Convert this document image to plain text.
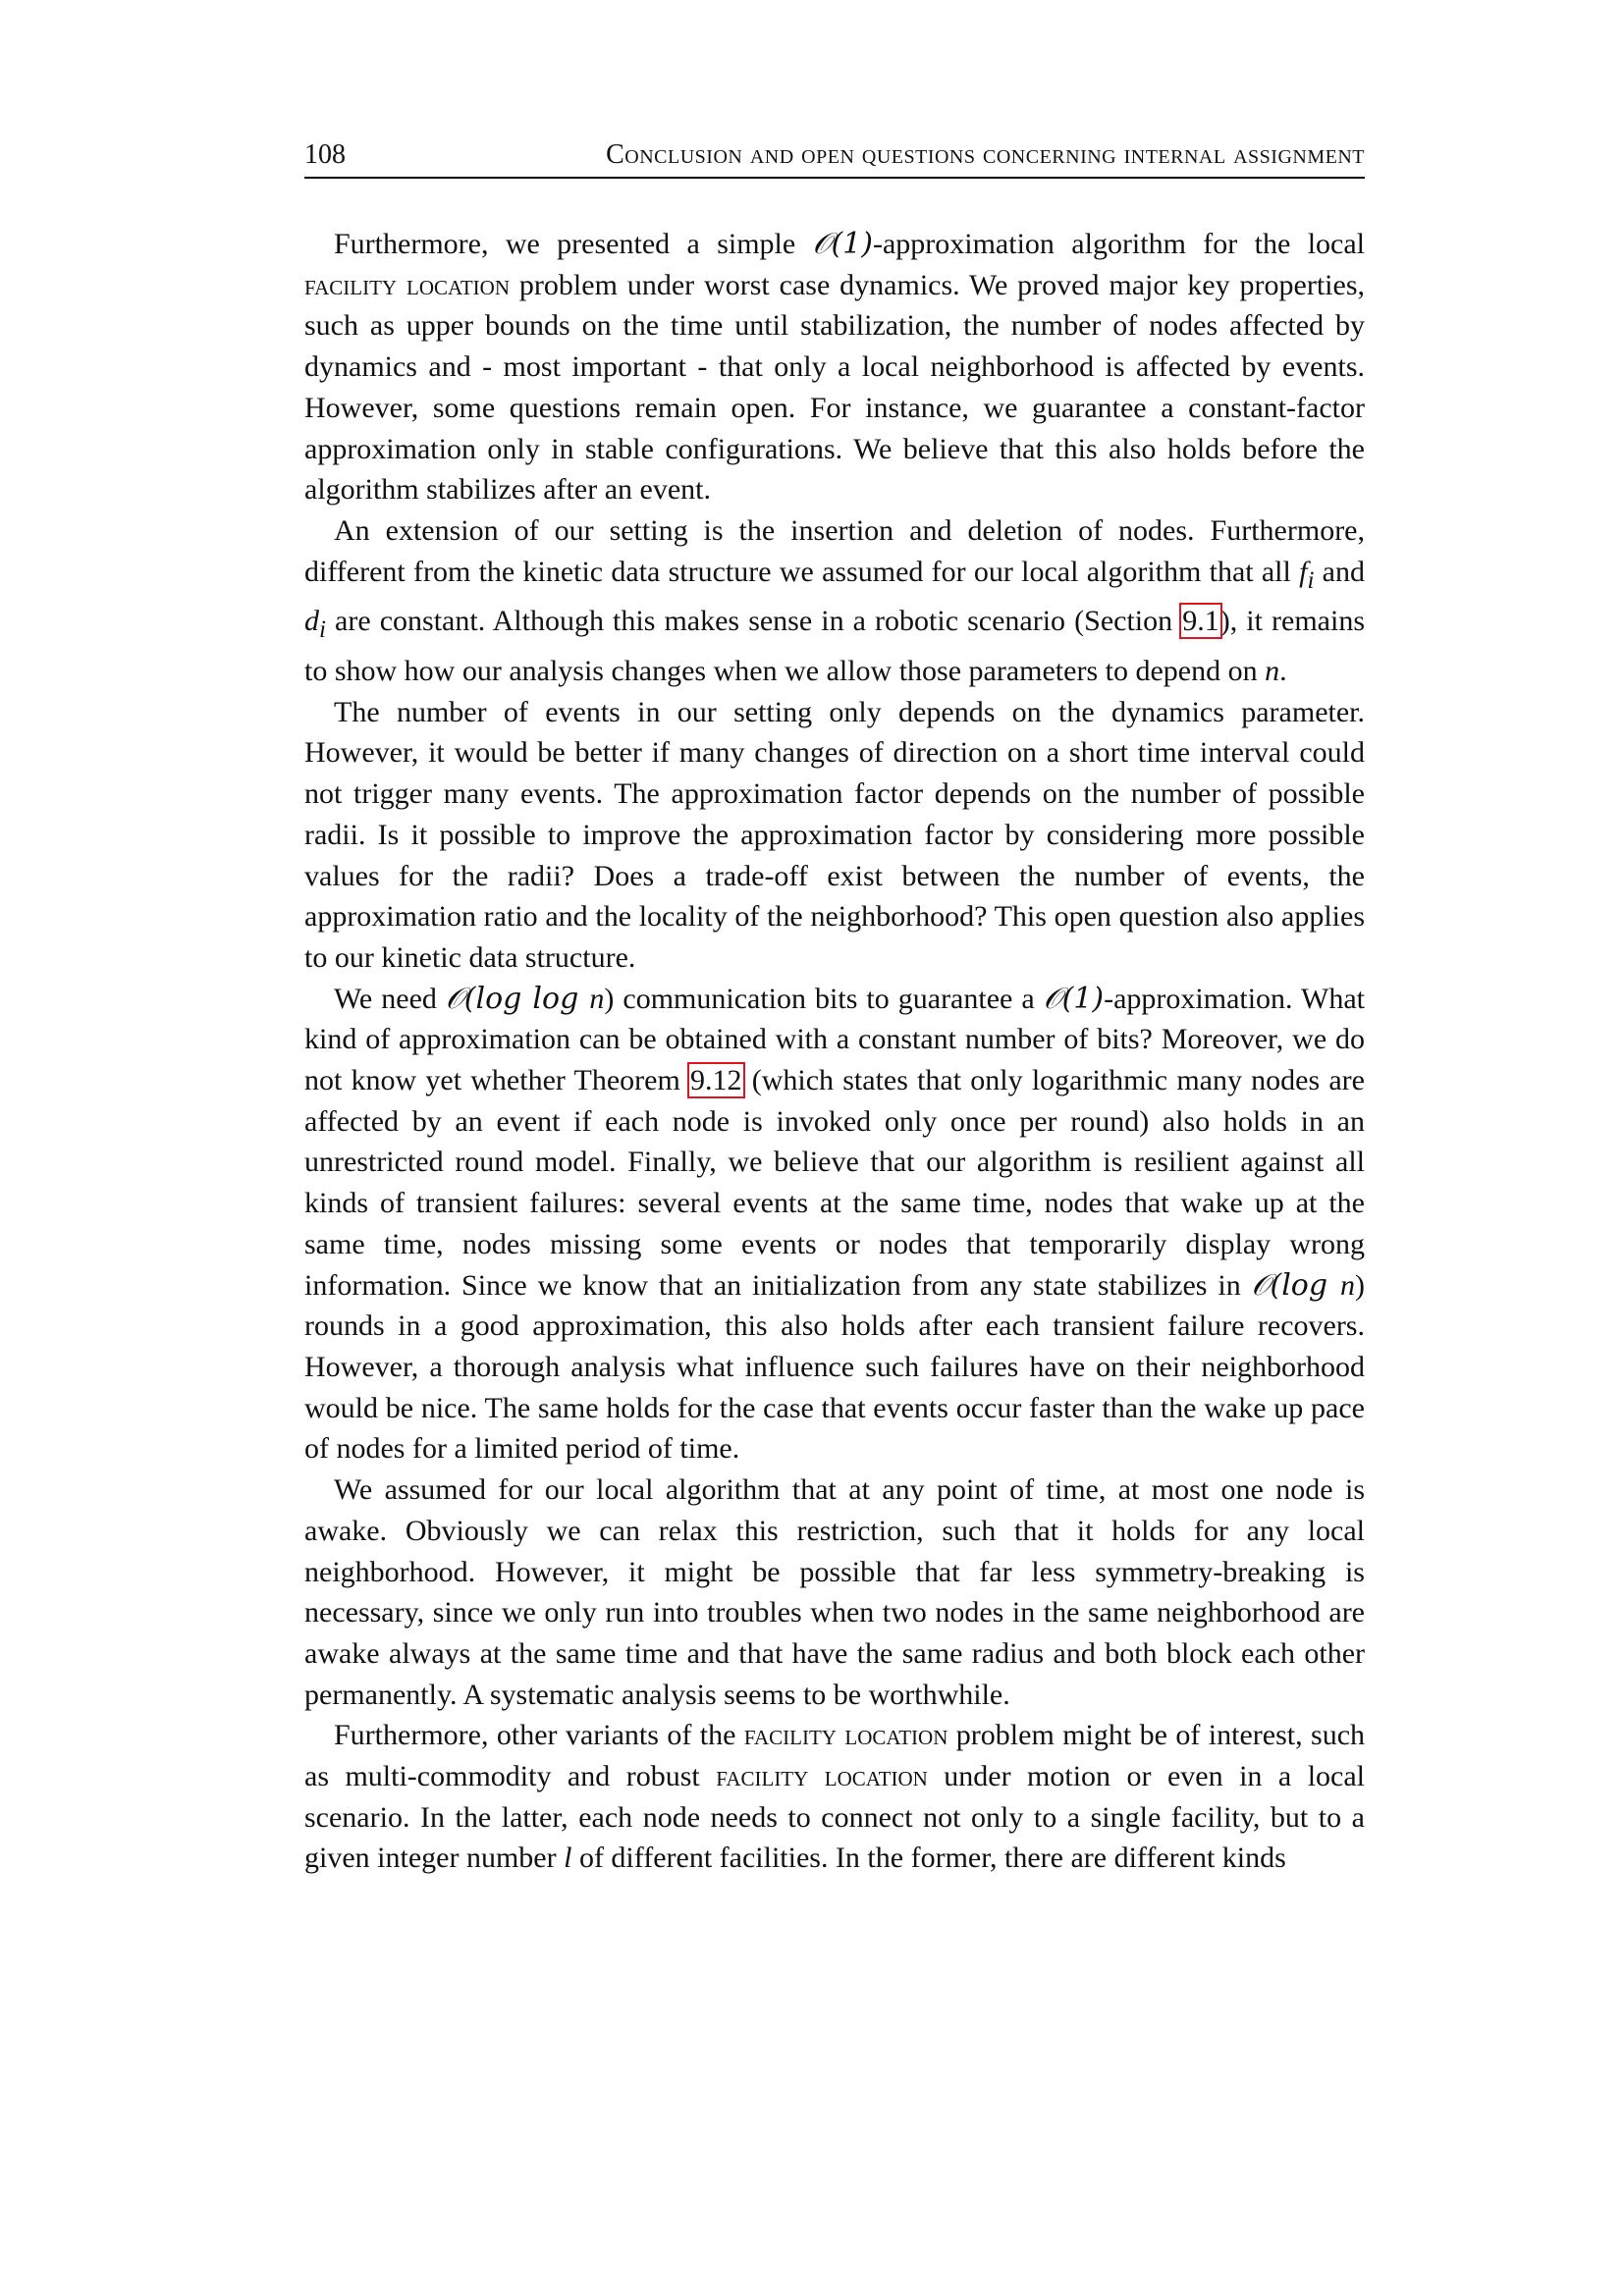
108	Conclusion and open questions concerning internal assignment

Furthermore, we presented a simple 𝒪(1)-approximation algorithm for the local facility location problem under worst case dynamics. We proved major key properties, such as upper bounds on the time until stabilization, the number of nodes affected by dynamics and - most important - that only a local neighborhood is affected by events. However, some questions remain open. For instance, we guarantee a constant-factor approximation only in stable configurations. We believe that this also holds before the algorithm stabilizes after an event.

An extension of our setting is the insertion and deletion of nodes. Furthermore, different from the kinetic data structure we assumed for our local algorithm that all $f_i$ and $d_i$ are constant. Although this makes sense in a robotic scenario (Section 9.1), it remains to show how our analysis changes when we allow those parameters to depend on n.

The number of events in our setting only depends on the dynamics parameter. However, it would be better if many changes of direction on a short time interval could not trigger many events. The approximation factor depends on the number of possible radii. Is it possible to improve the approximation factor by considering more possible values for the radii? Does a trade-off exist between the number of events, the approximation ratio and the locality of the neighborhood? This open question also applies to our kinetic data structure.

We need 𝒪(log log n) communication bits to guarantee a 𝒪(1)-approximation. What kind of approximation can be obtained with a constant number of bits? Moreover, we do not know yet whether Theorem 9.12 (which states that only logarithmic many nodes are affected by an event if each node is invoked only once per round) also holds in an unrestricted round model. Finally, we believe that our algorithm is resilient against all kinds of transient failures: several events at the same time, nodes that wake up at the same time, nodes missing some events or nodes that temporarily display wrong information. Since we know that an initialization from any state stabilizes in 𝒪(log n) rounds in a good approximation, this also holds after each transient failure recovers. However, a thorough analysis what influence such failures have on their neighborhood would be nice. The same holds for the case that events occur faster than the wake up pace of nodes for a limited period of time.

We assumed for our local algorithm that at any point of time, at most one node is awake. Obviously we can relax this restriction, such that it holds for any local neighborhood. However, it might be possible that far less symmetry-breaking is necessary, since we only run into troubles when two nodes in the same neighborhood are awake always at the same time and that have the same radius and both block each other permanently. A systematic analysis seems to be worthwhile.

Furthermore, other variants of the facility location problem might be of interest, such as multi-commodity and robust facility location under motion or even in a local scenario. In the latter, each node needs to connect not only to a single facility, but to a given integer number l of different facilities. In the former, there are different kinds
